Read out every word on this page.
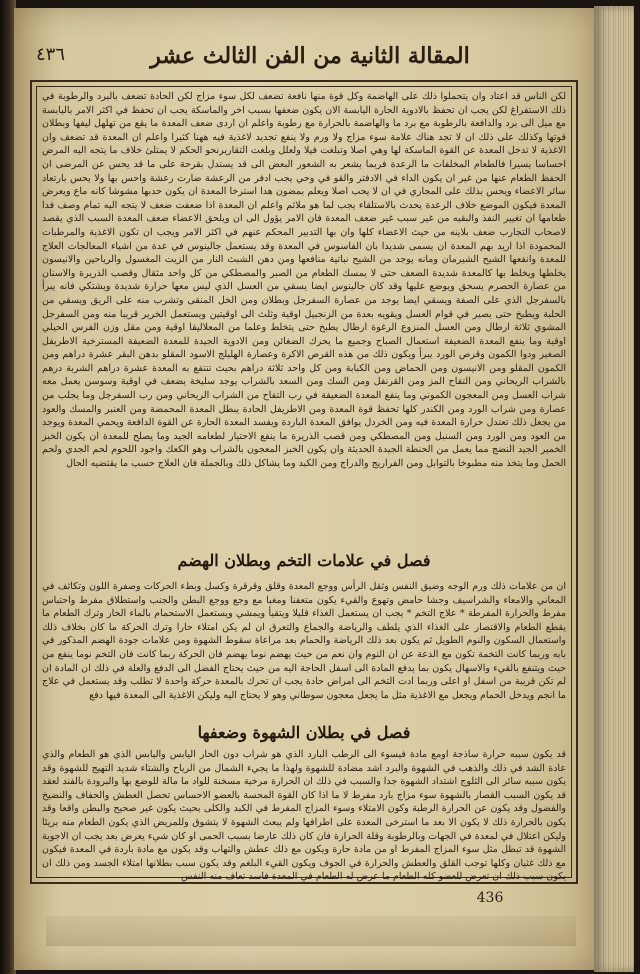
٤٣٦	المقالة الثانية من الفن الثالث عشر
لكن الناس قد اعتاد وان يتحملوا ذلك على الهاضمة وكل قوة منها نافعة تضعف لكل سوء مزاج لكن الحادة تضعف بالبرد والرطوبة في ذلك الاستفراغ لكن يجب ان تحفظ بالادوية الحارة اليابسة الان يكون ضعفها بسبب اخر والماسكة يجب ان تحفظ في اكثر الامر باليابسة مع ميل الى برد والدافعة بالرطوبة مع برد ما والهاضمة بالحرارة مع رطوبة واعلم ان اردى ضعف المعدة ما يقع من تهلهل ليفها وبطلان قوتها وكذلك على ذلك ان لا تجد هناك علامة سوء مزاج ولا ورم ولا ينفع تجديد لاغذية فيه ههنا كثيرا واعلم ان المعدة قد تضعف وان الاغذية لا تدخل المعدة عن القوة الماسكة لها وهي اصلا وتبلغت فيلا ولعلل وبلغت التقاريرنحو الحكم لا يمتلئ خلاف ما يتجه اليه المرض احساسا يسيرا فالطعام المخلفات ما الرعدة فربما يشعر به الشعور البعض الى قد يستدل بقرحة على ما قد يحس عن المرضى ان الحفظ الطعام عنها من غير ان يكون الداء في الادفتر والقو في وحي يجب ادفر من الرعشة ضارت رعشة واحس بها ولا يحس بارتعاد سائر الاعضاء ويحس بذلك على المجاري في ان لا يحب اصلا ويعلم بمضون هدا استرخا المعدة ان يكون حدبها مشوشا كانه ماع ويعرض المعدة فيكون الموضع خلاف الرعدة يحدث بالاستلقاء يجب لما هو ملائم واعلم ان المعدة اذا ضعفت ضعف لا يتجه اليه تمام وصف فدا طعامها ان تغيير النفذ والبقيه من غير سبب غير ضعف المعدة فان الامر يؤول الى ان ويلحق الاعضاء ضعف المعدة السبب الذي يقصد لاصحاب التجارب ضعف بلاينه من حيث الاعضاء كلها وان بها التدبير المحكم عنهم في اكثر الامر ويجب ان تكون الاغذية والمرطبات المحمودة اذا اريد بهم المعدة ان يسمى شديدا بان الفاسوس في المعدة وقد يستعمل جالينوس في عدة من اشياء المعالجات العلاج للمعدة وانفعها الشيح الشيرمان ومانه يوجد من الشيح نباتية منافعها ومن دهن الشبث النار من الزيت المغسول والرياحين والانيسون يخلطها ويخلط بها كالمعدة شديدة الضعف حتى لا يمسك الطعام من الصبر والمصطكي من كل واحد مثقال وقصب الذريرة والاسنان من عصارة الحصرم يسحق ويوضع عليها وقد كان جالينوس ايضا يسقي من العسل الذي ليس معها حرارة شديدة ويشتكي فانه يبرأ بالسفرجل الذي على الصفة ويسقي ايضا يوجد من عصارة السفرجل وبطلان ومن الخل المنقى وتشرب منه على الريق ويسقي من الحلبة ويطبخ حتى يصير في قوام العسل ويقويه بعدة من الزنجبيل اوقية وثلث الى اوقيتين ويستعمل الخرير قريبا منه ومن السفرجل المشوي ثلاثة ارطال ومن العسل المنزوع الرغوة ارطال يطبخ حتى يتخلط وعلما من المعلاليقا اوقية ومن مقل وزن الفرس الحيلي اوقية وما ينفع المعدة الضعيفة استعمال الصباح وجميع ما يحرك الضغائن ومن الادوية الجيدة للمعدة الضعيفة المسترخية الاطريفل الصغير ودوا الكمون وقرص الورد يبرأ ويكون ذلك من هذه القرص الاكرة وعصارة الهليلج الاسود المقلو بدهن البقر عشرة دراهم ومن الكمون المقلو ومن الانيسون ومن الحماض ومن الكبابة ومن كل واحد ثلاثة دراهم بحيث تنتفع به المعدة عشرة دراهم الشربة درهم بالشراب الريحاني ومن التفاح المز ومن القرنفل ومن السك ومن السعد بالشراب يوجد سليخة يضعف في اوقية وسوسن يعمل معه شراب العسل ومن المعجون الكموني وما ينفع المعدة الضعيفة في رب التفاح من الشراب الريحاني ومن رب السفرجل وما يجلب من عصارة ومن شراب الورد ومن الكندر كلها تحفظ قوة المعدة ومن الاطريفل الحادة يبطل المعدة المحمضة ومن العنبر والمسك والعود من يجعل ذلك تعتدل حرارة المعدة فيه ومن الخردل يوافق المعدة الباردة ويفسد المعدة الحارة عن القوة الدافعة ويحمي المعدة ويوجد من العود ومن الورد ومن السنبل ومن المصطكي ومن قصب الذريرة ما ينفع الاحتيار لطعامه الجيد وما يصلح للمعدة ان يكون الخبز الخمير الجيد النضج مما يعمل من الحنطة الجيدة الحديثة وان يكون الخبز المعجون بالشراب وهو الكعك واجود اللحوم لحم الجدي ولحم الحمل وما يتخذ منه مطبوخا بالتوابل ومن الفراريج والدراج ومن الكبد وما يشاكل ذلك وبالجملة فان العلاج حسب ما يقتضيه الحال
فصل في علامات التخم وبطلان الهضم
ان من علامات ذلك ورم الوجه وضيق النفس وثقل الرأس ووجع المعدة وقلق وقرقرة وكسل وبطء الحركات وصفرة اللون وتكاثف في المعاني والامعاء والشراسيف وجشا حامض وتهوع والقيء يكون متعفنا ومغبا مع وجع ووجع البطن والجنب واستطلاق مفرط واحتباس مفرط والحرارة المفرطة * علاج التخم * يجب ان يستعمل الغذاء قليلا ويتقيأ ويمشي ويستعمل الاستحمام بالماء الحار وترك الطعام ما يقطع الطعام والاقتصار على الغذاء الذي يلطف والرياضة والجماع والتعرق ان لم يكن امتلاء حارا وترك الحركة ما كان بخلاف ذلك واستعمال السكون والنوم الطويل ثم يكون بعد ذلك الرياضة والحمام بعد مراعاة سقوط الشهوة ومن علامات جودة الهضم المذكور في بابه وربما كانت التخمة تكون مع الدعة عن ان النوم وان نعم من حيث يهضم نوما يهضم فان الحركة ربما كانت فان التخم نوما ينفع من حيث ويتنفع بالقيء والاسهال يكون بما يدفع المادة الى اسفل الحاجة اليه من حيث يحتاج الفضل الى الدفع والعلة في ذلك ان المادة ان لم تكن قريبة من اسفل او اعلى وربما ادت التخم الى امراض حادة يجب ان تحرك بالمعدة حركة واحدة لا تطلب وقد يستعمل في علاج ما انجم ويدخل الحمام ويجعل مع الاغذية مثل ما يجعل معجون سوطاني وهو لا يحتاج اليه وليكن الاغذية الى المعدة فيها دفع
فصل في بطلان الشهوة وضعفها
قد يكون سببه حرارة ساذجة اومع مادة فيسوء الى الرطب البارد الذي هو شراب دون الحار اليابس واليابس الذي هو الطعام والذي عادة الشد في ذلك والذهب في الشهوة والبرد اشد مضادة للشهوة ولهذا ما يجيء الشمال من الرياح والشتاء شديد التهيج للشهوة وقد يكون سببه سائر الى الثلوج اشتداد الشهوة جدا والسبب في ذلك ان الحرارة مرخية مسخنة للواد ما مالة للوضع بها والبرودة بالفند لعقد قد يكون السبب القصار بالشهوة سوء مزاج بارد مفرط لا ما اذا كان القوة المحسة بالعضو الاحساس تحصل العطش والحفاف والنضيخ والفضول وقد يكون عن الحرارة الرطبة وكون الامتلاء وسوء المزاج المفرط في الكبد والكلى بحيث يكون غير صحيح والبطن واقعا وقد يكون بالحرارة ذلك لا يكون الا بعد ما استرخى المعدة على اطرافها ولم يبعث الشهوة لا يتشوق وللمريض الذي يكون الطعام منه بريئا وليكن اعتلال في لمعدة في الجهات وبالرطوبة وقلة الحرارة فان كان ذلك عارضا بسبب الحمى او كان شيء يعرض بعد يجب ان الاجوبة الشهوة قد تبطل مثل سوء المزاج المفرط او من مادة حارة ويكون مع ذلك عطش والتهاب وقد يكون مع مادة باردة في المعدة فيكون مع ذلك غثيان وكلها توجب القلق والعطش والحرارة في الجوف ويكون القيء البلغم وقد يكون سبب بطلانها امتلاء الجسد ومن ذلك ان يكون سبب ذلك ان تعرض للعضو كله الطعام ما عرض له الطعام في المعدة فاسد تعاف منه النفس
436
